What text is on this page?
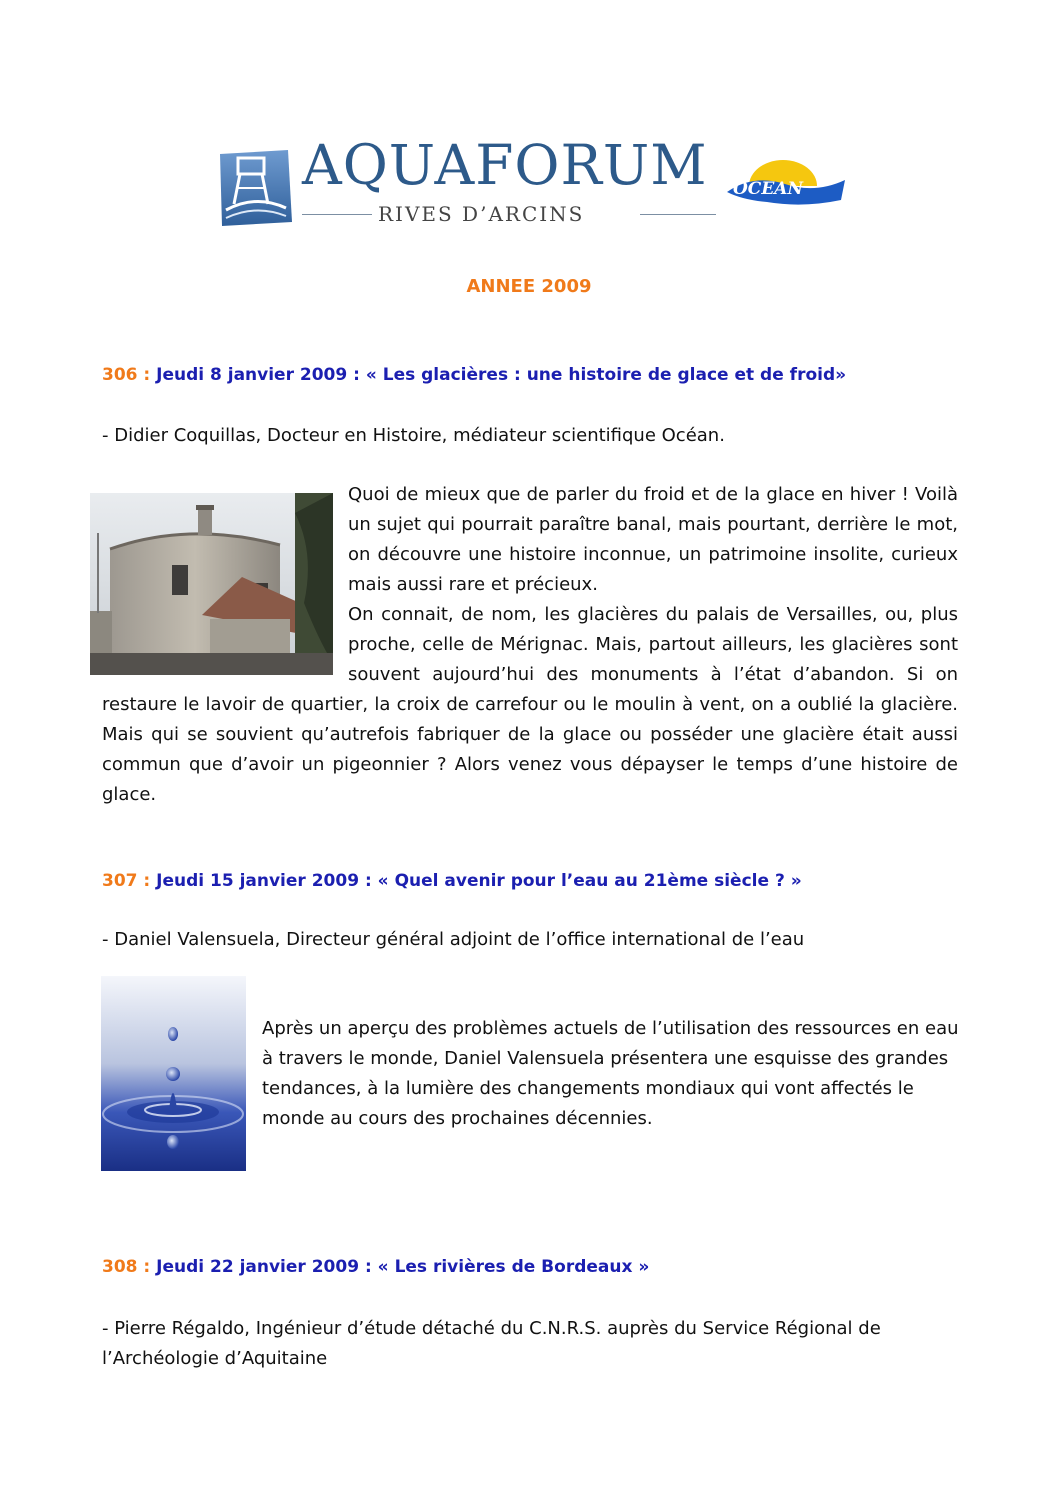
AQUAFORUM
RIVES D’ARCINS
OCEAN
ANNEE 2009
306 : Jeudi 8 janvier 2009 : « Les glacières : une histoire de glace et de froid»
- Didier Coquillas, Docteur en Histoire, médiateur scientifique Océan.

Quoi de mieux que de parler du froid et de la glace en hiver ! Voilà un sujet qui pourrait paraître banal, mais pourtant, derrière le mot, on découvre une histoire inconnue, un patrimoine insolite, curieux mais aussi rare et précieux.

On connait, de nom, les glacières du palais de Versailles, ou, plus proche, celle de Mérignac. Mais, partout ailleurs, les glacières sont souvent aujourd’hui des monuments à l’état d’abandon. Si on restaure le lavoir de quartier, la croix de carrefour ou le moulin à vent, on a oublié la glacière. Mais qui se souvient qu’autrefois fabriquer de la glace ou posséder une glacière était aussi commun que d’avoir un pigeonnier ? Alors venez vous dépayser le temps d’une histoire de glace.

307 : Jeudi 15 janvier 2009 : « Quel avenir pour l’eau au 21ème siècle ? »
- Daniel Valensuela, Directeur général adjoint de l’office international de l’eau
Après un aperçu des problèmes actuels de l’utilisation des ressources en eau à travers le monde, Daniel Valensuela présentera une esquisse des grandes tendances, à la lumière des changements mondiaux qui vont affectés le monde au cours des prochaines décennies.
308 : Jeudi 22 janvier 2009 : « Les rivières de Bordeaux »
- Pierre Régaldo, Ingénieur d’étude détaché du C.N.R.S. auprès du Service Régional de l’Archéologie d’Aquitaine
